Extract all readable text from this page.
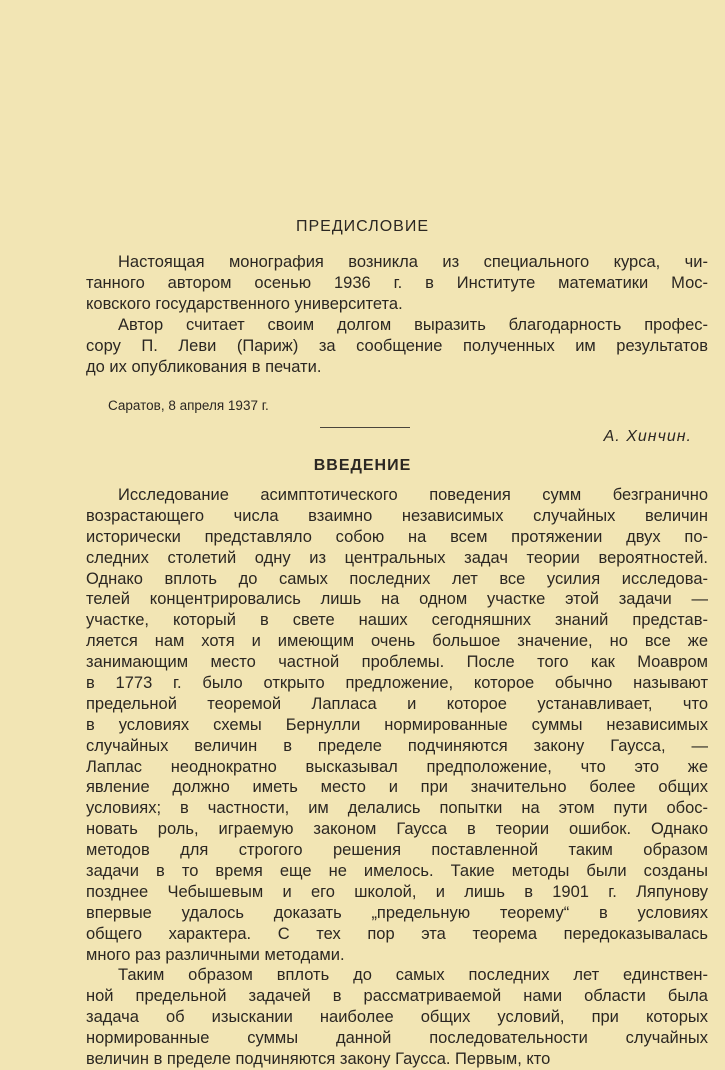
ПРЕДИСЛОВИЕ
Настоящая монография возникла из специального курса, чи-
танного автором осенью 1936 г. в Институте математики Мос-
ковского государственного университета.
Автор считает своим долгом выразить благодарность профес-
сору П. Леви (Париж) за сообщение полученных им результатов
до их опубликования в печати.
Саратов, 8 апреля 1937 г.
А. Хинчин.
ВВЕДЕНИЕ
Исследование асимптотического поведения сумм безгранично
возрастающего числа взаимно независимых случайных величин
исторически представляло собою на всем протяжении двух по-
следних столетий одну из центральных задач теории вероятностей.
Однако вплоть до самых последних лет все усилия исследова-
телей концентрировались лишь на одном участке этой задачи —
участке, который в свете наших сегодняшних знаний представ-
ляется нам хотя и имеющим очень большое значение, но все же
занимающим место частной проблемы. После того как Моавром
в 1773 г. было открыто предложение, которое обычно называют
предельной теоремой Лапласа и которое устанавливает, что
в условиях схемы Бернулли нормированные суммы независимых
случайных величин в пределе подчиняются закону Гаусса, —
Лаплас неоднократно высказывал предположение, что это же
явление должно иметь место и при значительно более общих
условиях; в частности, им делались попытки на этом пути обос-
новать роль, играемую законом Гаусса в теории ошибок. Однако
методов для строгого решения поставленной таким образом
задачи в то время еще не имелось. Такие методы были созданы
позднее Чебышевым и его школой, и лишь в 1901 г. Ляпунову
впервые удалось доказать „предельную теорему“ в условиях
общего характера. С тех пор эта теорема передоказывалась
много раз различными методами.
Таким образом вплоть до самых последних лет единствен-
ной предельной задачей в рассматриваемой нами области была
задача об изыскании наиболее общих условий, при которых
нормированные суммы данной последовательности случайных
величин в пределе подчиняются закону Гаусса. Первым, кто
